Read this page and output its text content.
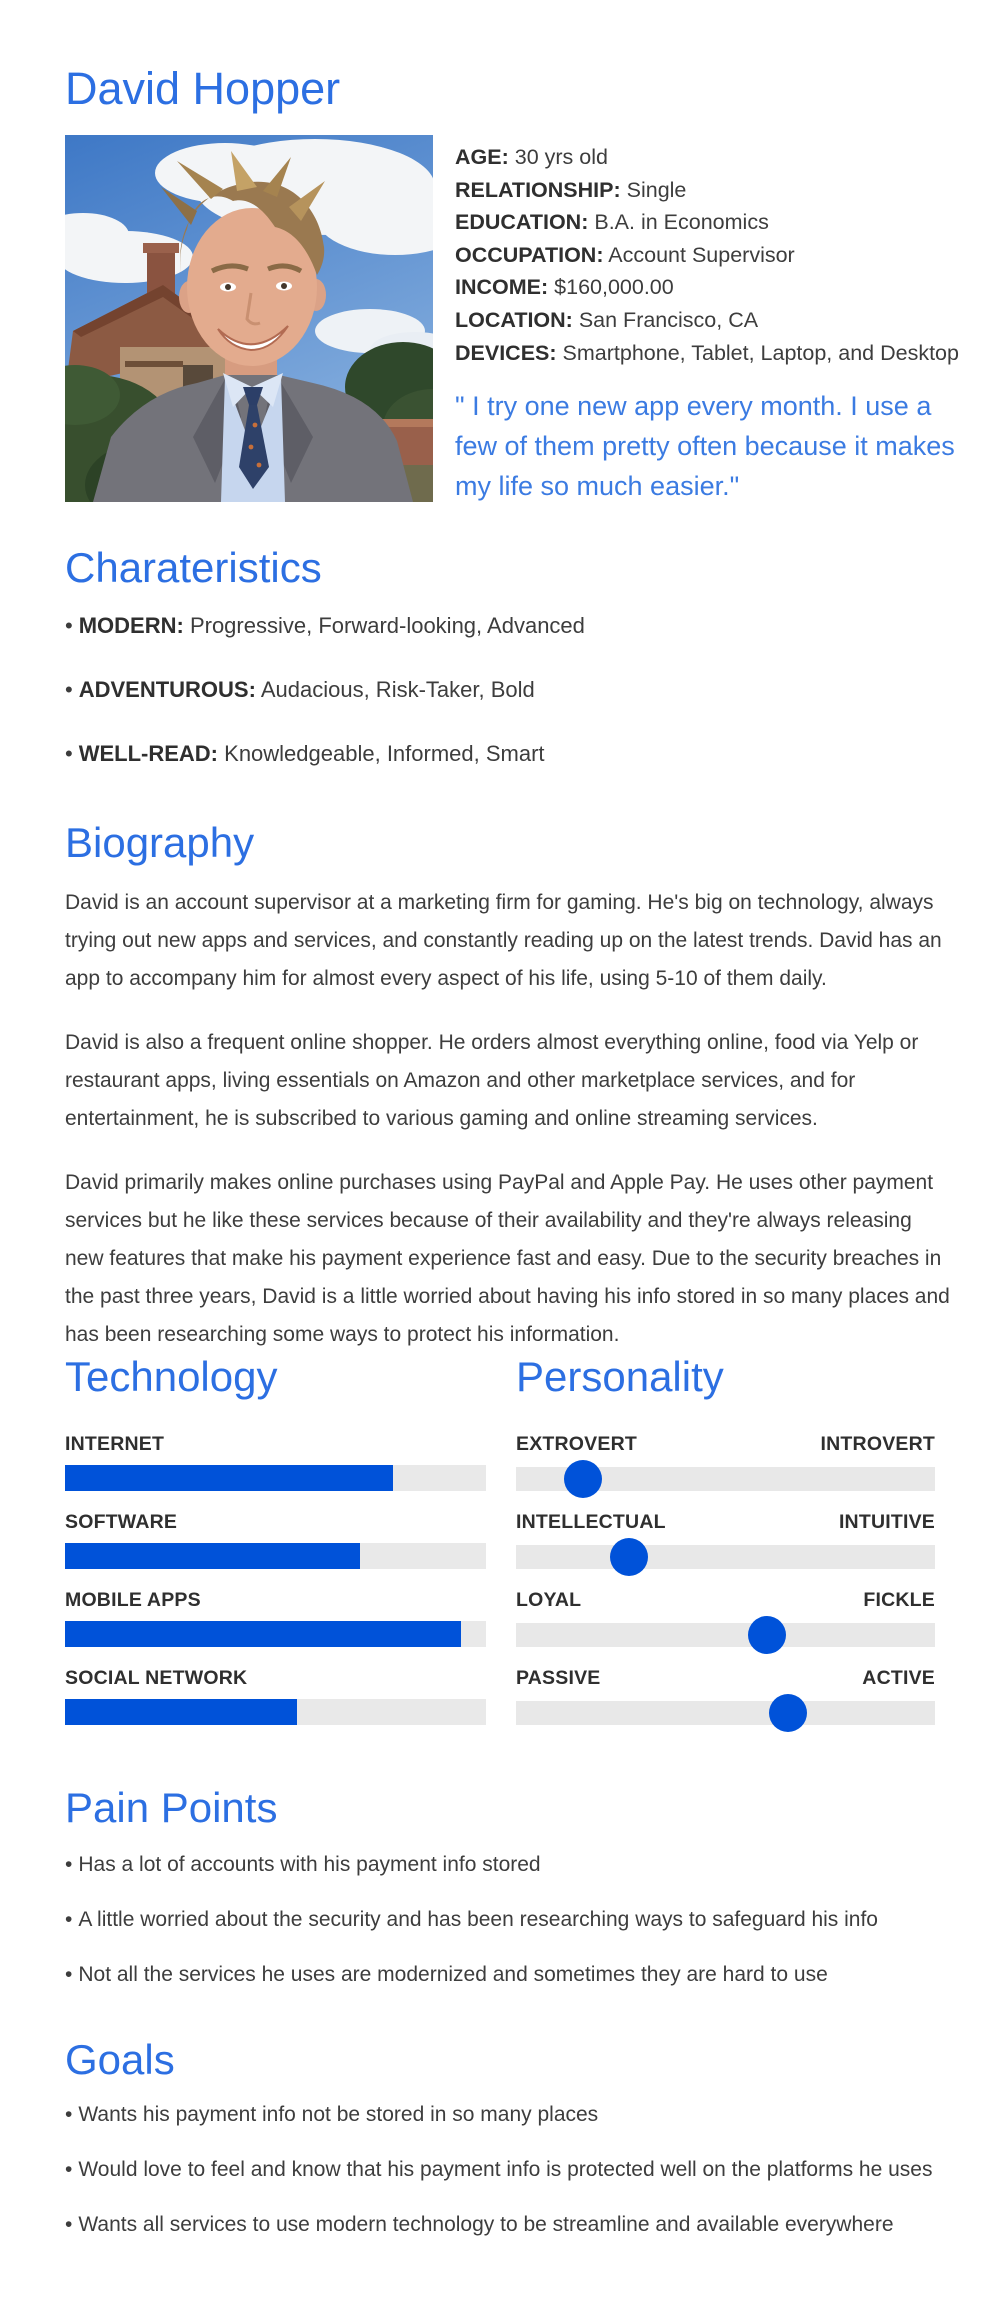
David Hopper
AGE: 30 yrs old
RELATIONSHIP: Single
EDUCATION: B.A. in Economics
OCCUPATION: Account Supervisor
INCOME: $160,000.00
LOCATION: San Francisco, CA
DEVICES: Smartphone, Tablet, Laptop, and Desktop
" I try one new app every month. I use a few of them pretty often because it makes my life so much easier."
Charateristics
• MODERN: Progressive, Forward-looking, Advanced
• ADVENTUROUS: Audacious, Risk-Taker, Bold
• WELL-READ: Knowledgeable, Informed, Smart
Biography

David is an account supervisor at a marketing firm for gaming. He's big on technology, always trying out new apps and services, and constantly reading up on the latest trends. David has an app to accompany him for almost every aspect of his life, using 5-10 of them daily.

David is also a frequent online shopper. He orders almost everything online, food via Yelp or restaurant apps, living essentials on Amazon and other marketplace services, and for entertainment, he is subscribed to various gaming and online streaming services.

David primarily makes online purchases using PayPal and Apple Pay. He uses other payment services but he like these services because of their availability and they're always releasing new features that make his payment experience fast and easy. Due to the security breaches in the past three years, David is a little worried about having his info stored in so many places and has been researching some ways to protect his information.

Technology
INTERNET
SOFTWARE
MOBILE APPS
SOCIAL NETWORK
Personality
EXTROVERT	INTROVERT
INTELLECTUAL	INTUITIVE
LOYAL	FICKLE
PASSIVE	ACTIVE
Pain Points
• Has a lot of accounts with his payment info stored
• A little worried about the security and has been researching ways to safeguard his info
• Not all the services he uses are modernized and sometimes they are hard to use
Goals
• Wants his payment info not be stored in so many places
• Would love to feel and know that his payment info is protected well on the platforms he uses
• Wants all services to use modern technology to be streamline and available everywhere
